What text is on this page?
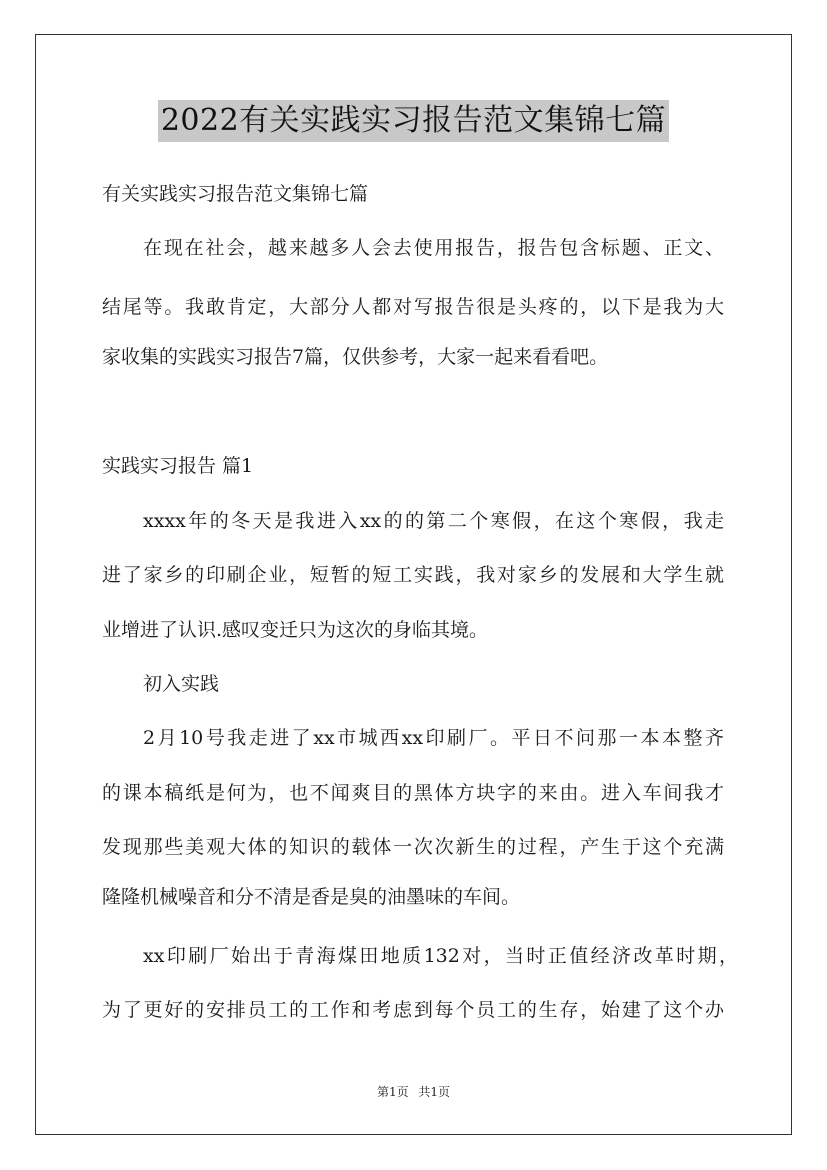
2022有关实践实习报告范文集锦七篇
有关实践实习报告范文集锦七篇
在现在社会，越来越多人会去使用报告，报告包含标题、正文、
结尾等。我敢肯定，大部分人都对写报告很是头疼的，以下是我为大
家收集的实践实习报告7篇，仅供参考，大家一起来看看吧。
实践实习报告 篇1
xxxx年的冬天是我进入xx的的第二个寒假，在这个寒假，我走
进了家乡的印刷企业，短暂的短工实践，我对家乡的发展和大学生就
业增进了认识.感叹变迁只为这次的身临其境。
初入实践
2月10号我走进了xx市城西xx印刷厂。平日不问那一本本整齐
的课本稿纸是何为，也不闻爽目的黑体方块字的来由。进入车间我才
发现那些美观大体的知识的载体一次次新生的过程，产生于这个充满
隆隆机械噪音和分不清是香是臭的油墨味的车间。
xx印刷厂始出于青海煤田地质132对，当时正值经济改革时期，
为了更好的安排员工的工作和考虑到每个员工的生存，始建了这个办
第1页 共1页
